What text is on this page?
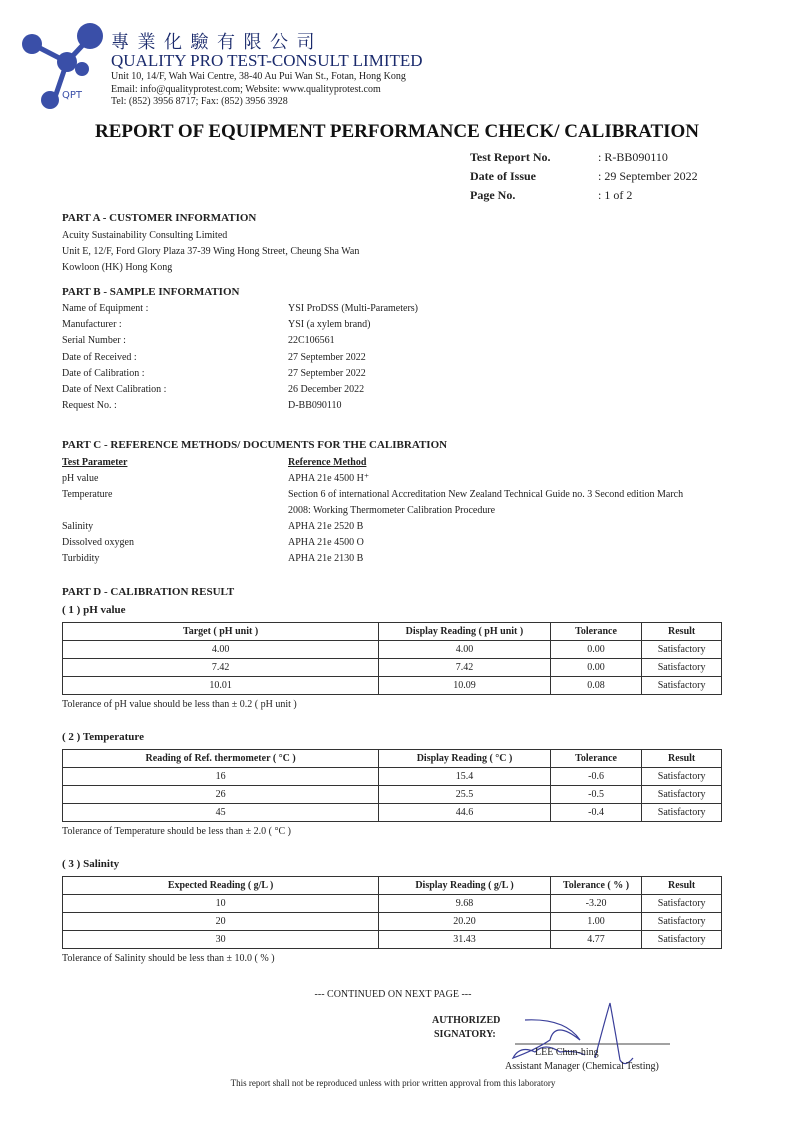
QPT
專 業 化 驗 有 限 公 司
QUALITY PRO TEST-CONSULT LIMITED
Unit 10, 14/F, Wah Wai Centre, 38-40 Au Pui Wan St., Fotan, Hong Kong
Email: info@qualityprotest.com; Website: www.qualityprotest.com
Tel: (852) 3956 8717; Fax: (852) 3956 3928
REPORT OF EQUIPMENT PERFORMANCE CHECK/ CALIBRATION
Test Report No.	: R-BB090110
Date of Issue	: 29 September 2022
Page No.	: 1 of 2
PART A - CUSTOMER INFORMATION
Acuity Sustainability Consulting Limited
Unit E, 12/F, Ford Glory Plaza 37-39 Wing Hong Street, Cheung Sha Wan
Kowloon (HK) Hong Kong
PART B - SAMPLE INFORMATION
Name of Equipment :	YSI ProDSS (Multi-Parameters)
Manufacturer :	YSI (a xylem brand)
Serial Number :	22C106561
Date of Received :	27 September 2022
Date of Calibration :	27 September 2022
Date of Next Calibration :	26 December 2022
Request No. :	D-BB090110
PART C - REFERENCE METHODS/ DOCUMENTS FOR THE CALIBRATION
Test Parameter	Reference Method
pH value	APHA 21e 4500 H⁺
Temperature	Section 6 of international Accreditation New Zealand Technical Guide no. 3 Second edition March
2008: Working Thermometer Calibration Procedure
Salinity	APHA 21e 2520 B
Dissolved oxygen	APHA 21e 4500 O
Turbidity	APHA 21e 2130 B
PART D - CALIBRATION RESULT
( 1 ) pH value
Target ( pH unit )	Display Reading ( pH unit )	Tolerance	Result
4.00	4.00	0.00	Satisfactory
7.42	7.42	0.00	Satisfactory
10.01	10.09	0.08	Satisfactory
Tolerance of pH value should be less than ± 0.2 ( pH unit )
( 2 ) Temperature
Reading of Ref. thermometer ( °C )	Display Reading ( °C )	Tolerance	Result
16	15.4	-0.6	Satisfactory
26	25.5	-0.5	Satisfactory
45	44.6	-0.4	Satisfactory
Tolerance of Temperature should be less than ± 2.0 ( °C )
( 3 ) Salinity
Expected Reading ( g/L )	Display Reading ( g/L )	Tolerance ( % )	Result
10	9.68	-3.20	Satisfactory
20	20.20	1.00	Satisfactory
30	31.43	4.77	Satisfactory
Tolerance of Salinity should be less than ± 10.0 ( % )
--- CONTINUED ON NEXT PAGE ---
AUTHORIZED
SIGNATORY:
LEE Chun-hing
Assistant Manager (Chemical Testing)
This report shall not be reproduced unless with prior written approval from this laboratory
